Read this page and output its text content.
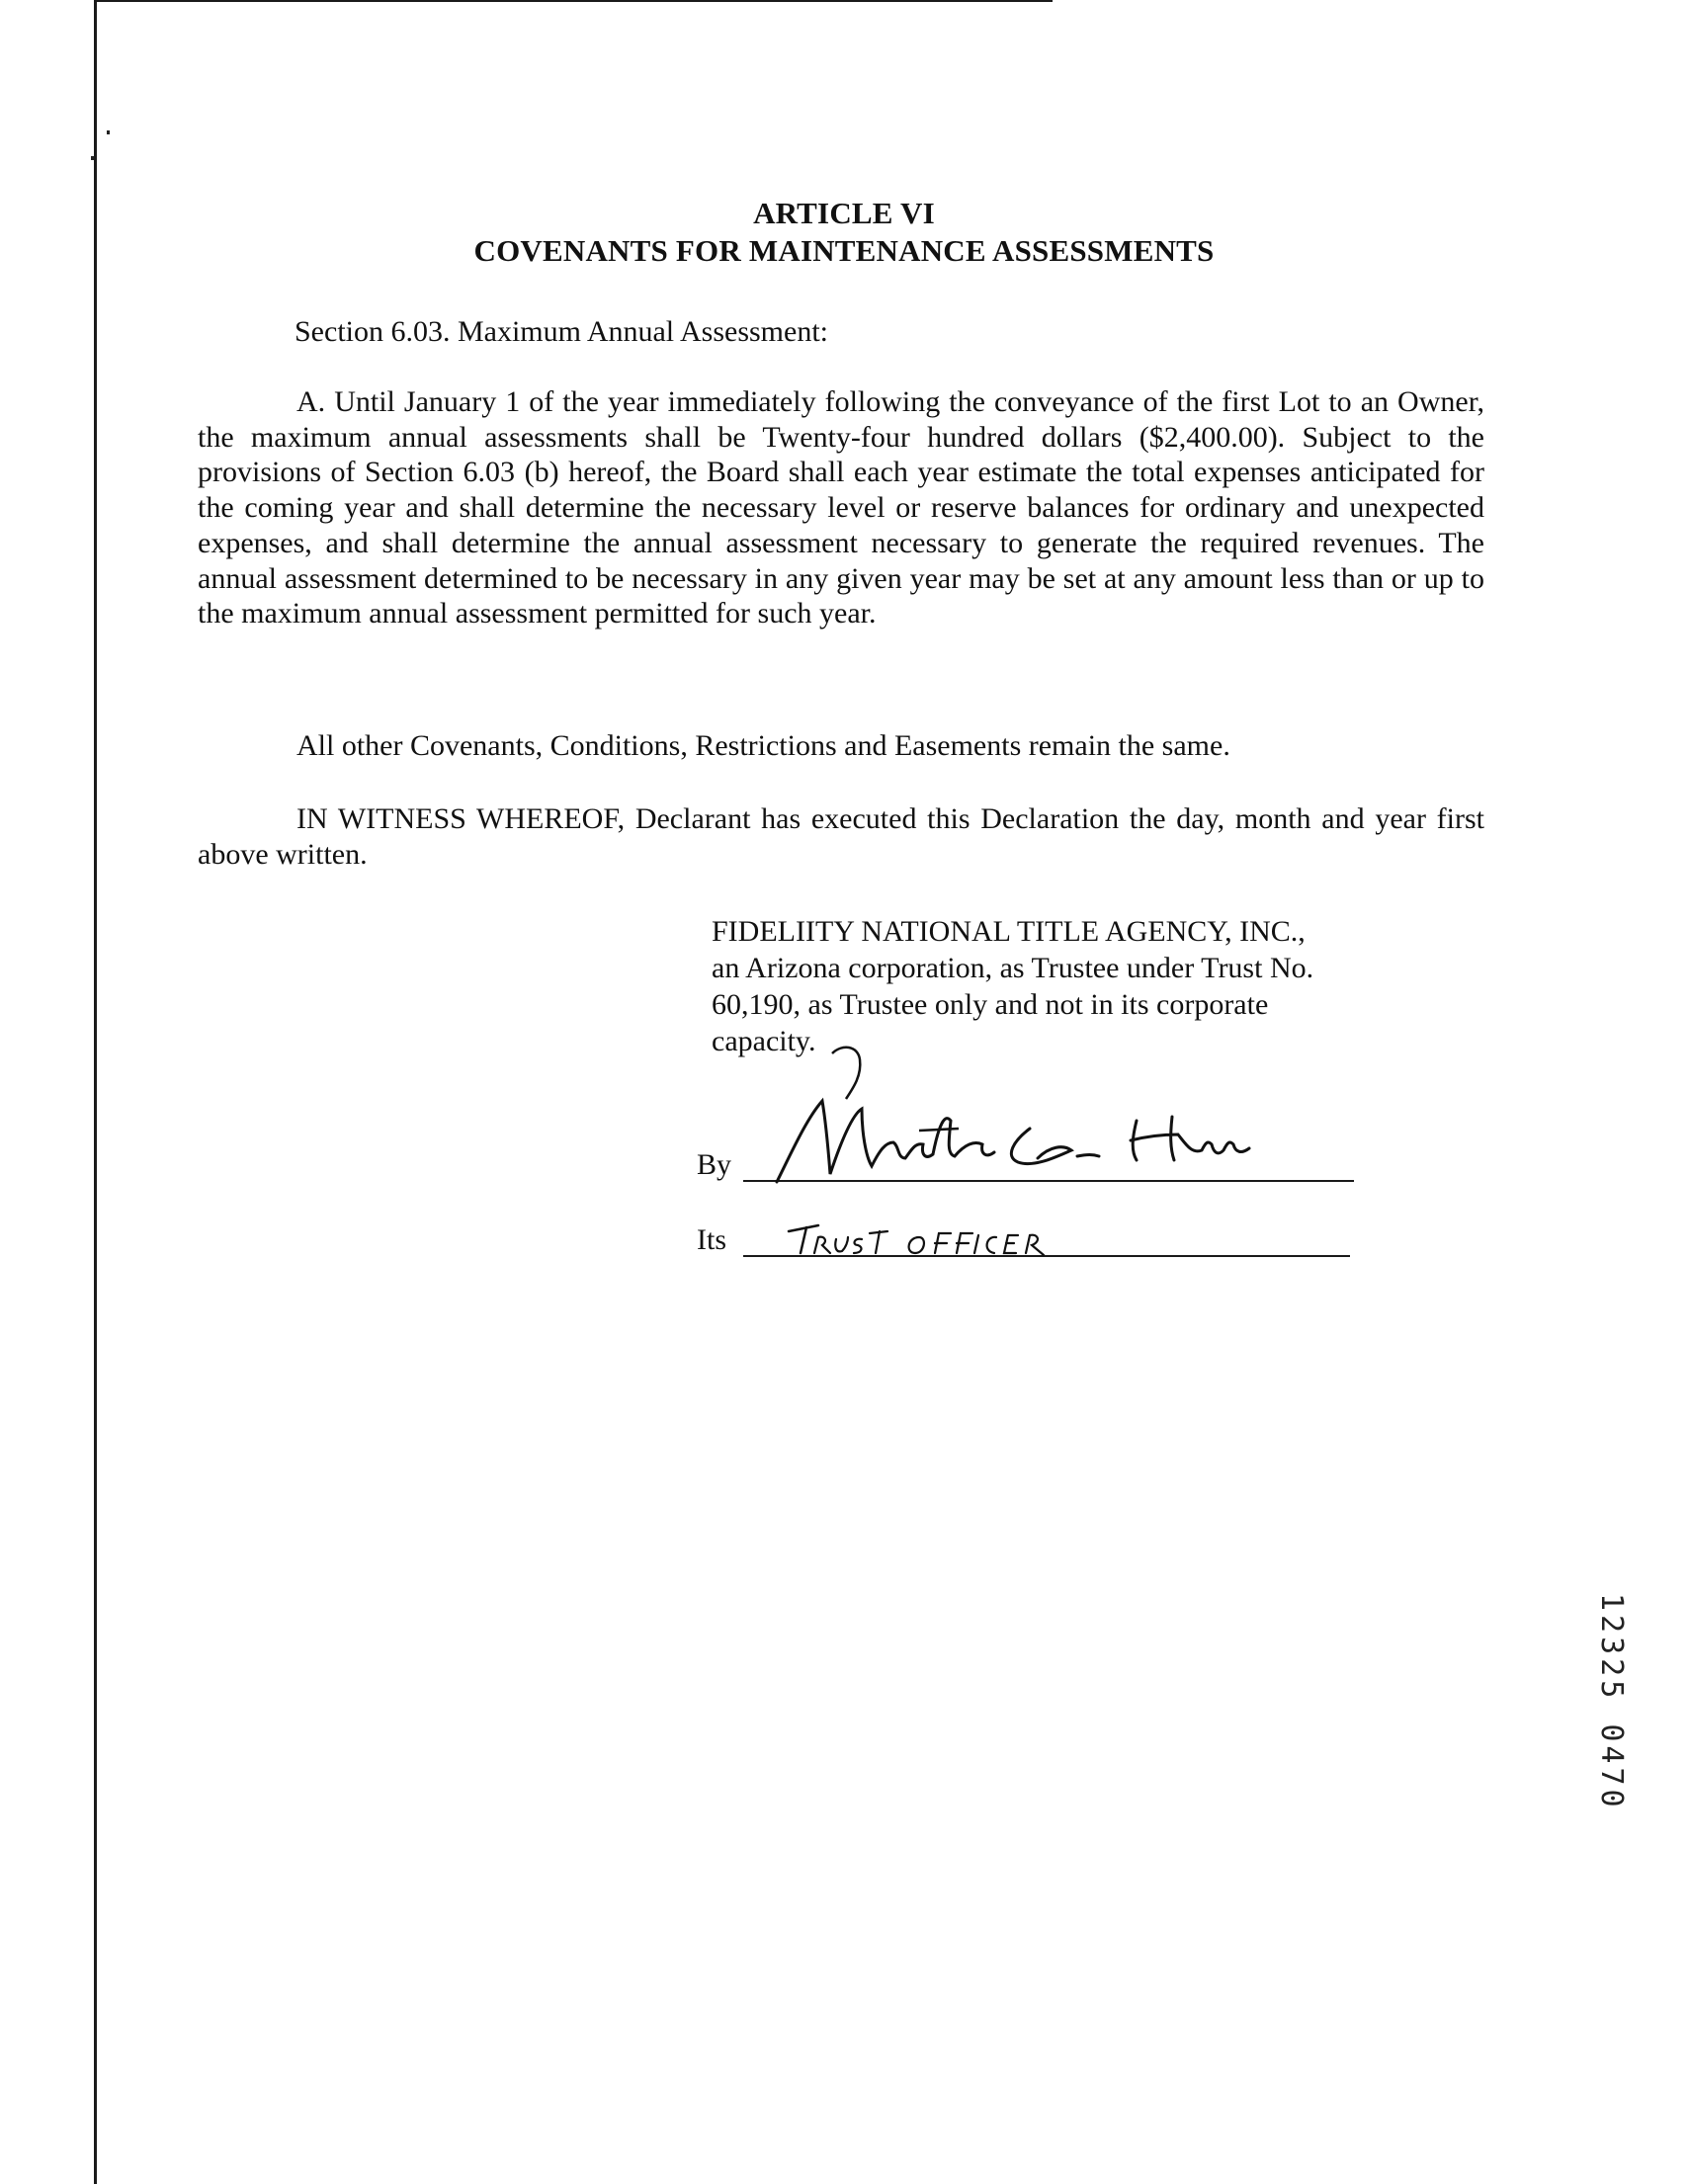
ARTICLE VI
COVENANTS FOR MAINTENANCE ASSESSMENTS
Section 6.03. Maximum Annual Assessment:
A. Until January 1 of the year immediately following the conveyance of the first Lot to an Owner, the maximum annual assessments shall be Twenty-four hundred dollars ($2,400.00). Subject to the provisions of Section 6.03 (b) hereof, the Board shall each year estimate the total expenses anticipated for the coming year and shall determine the necessary level or reserve balances for ordinary and unexpected expenses, and shall determine the annual assessment necessary to generate the required revenues. The annual assessment determined to be necessary in any given year may be set at any amount less than or up to the maximum annual assessment permitted for such year.
All other Covenants, Conditions, Restrictions and Easements remain the same.
IN WITNESS WHEREOF, Declarant has executed this Declaration the day, month and year first above written.
FIDELIITY NATIONAL TITLE AGENCY, INC.,
an Arizona corporation, as Trustee under Trust No.
60,190, as Trustee only and not in its corporate
capacity.
By
Its
12325 0470
